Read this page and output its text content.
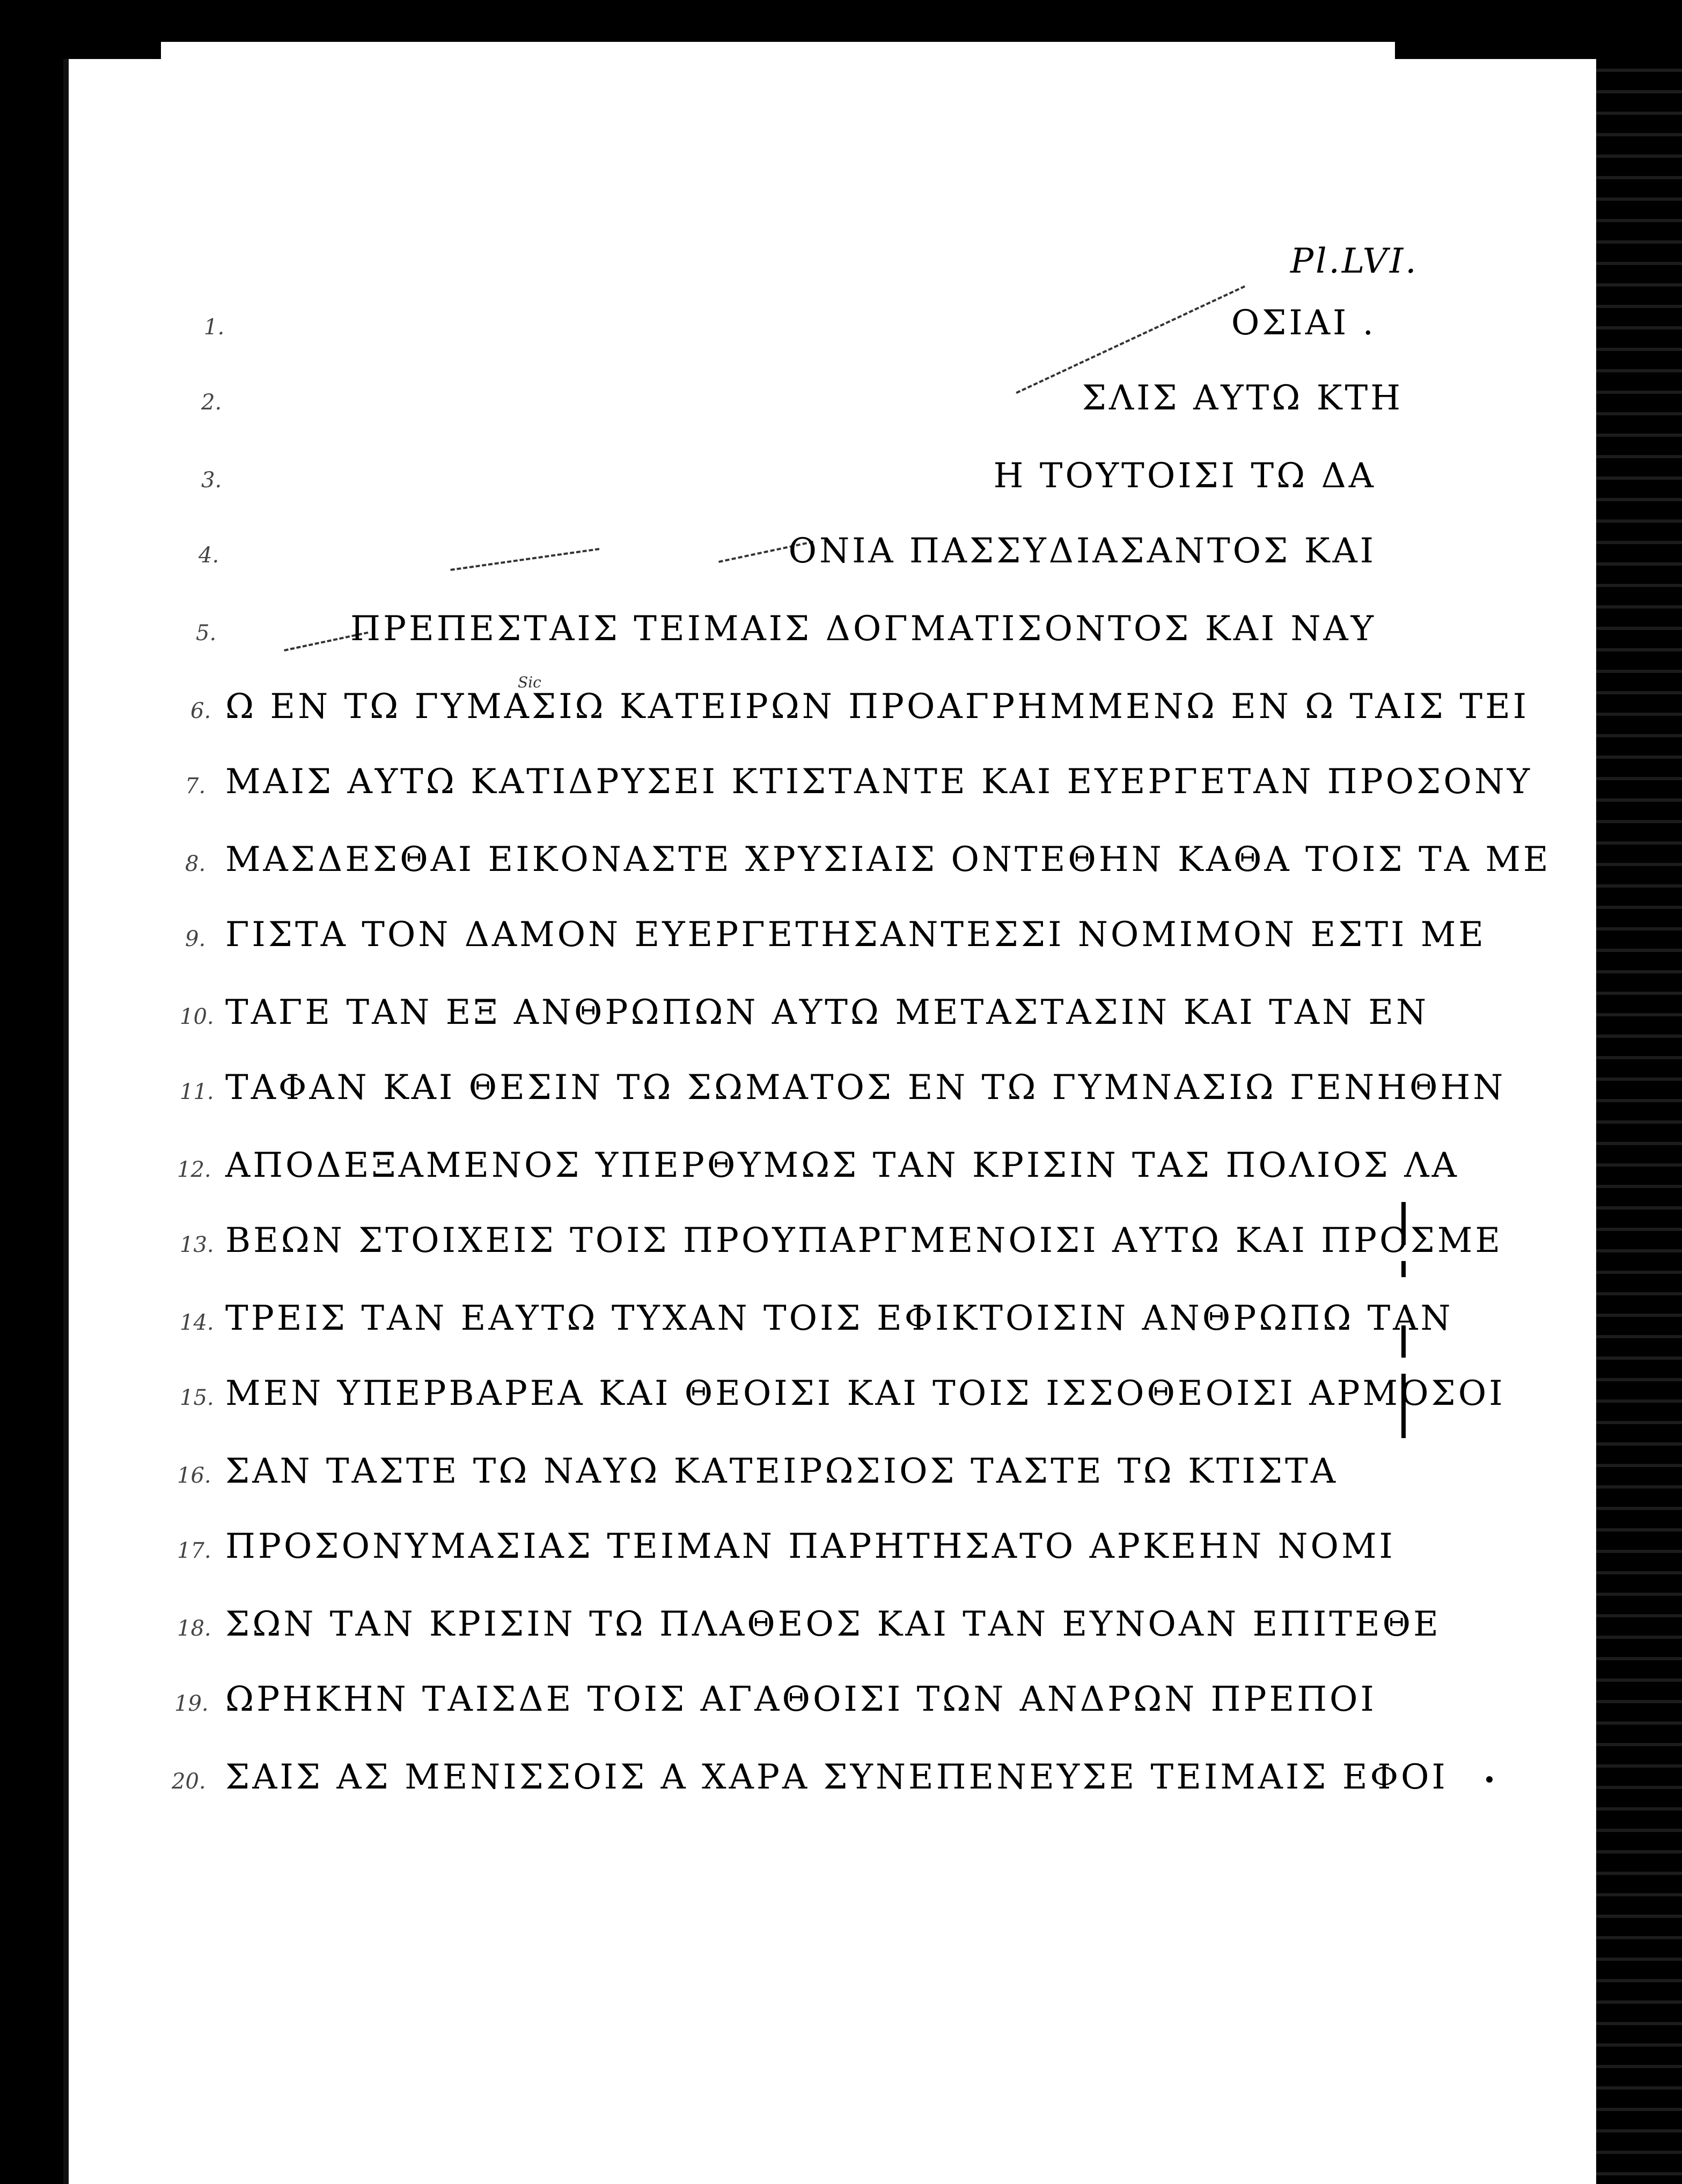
Pl.LVI.
Sic
1.	ΟΣΙΑΙ .
2.	ΣΛΙΣ ΑΥΤΩ ΚΤΗ
3.	Η ΤΟΥΤΟΙΣΙ ΤΩ ΔΑ
4.	ΟΝΙΑ ΠΑΣΣΥΔΙΑΣΑΝΤΟΣ ΚΑΙ
5.	ΠΡΕΠΕΣΤΑΙΣ ΤΕΙΜΑΙΣ ΔΟΓΜΑΤΙΣΟΝΤΟΣ ΚΑΙ ΝΑΥ
6. Ω ΕΝ ΤΩ ΓΥΜΑΣΙΩ ΚΑΤΕΙΡΩΝ ΠΡΟΑΓΡΗΜΜΕΝΩ ΕΝ Ω ΤΑΙΣ ΤΕΙ
7. ΜΑΙΣ ΑΥΤΩ ΚΑΤΙΔΡΥΣΕΙ ΚΤΙΣΤΑΝΤΕ ΚΑΙ ΕΥΕΡΓΕΤΑΝ ΠΡΟΣΟΝΥ
8. ΜΑΣΔΕΣΘΑΙ ΕΙΚΟΝΑΣΤΕ ΧΡΥΣΙΑΙΣ ΟΝΤΕΘΗΝ ΚΑΘΑ ΤΟΙΣ ΤΑ ΜΕ
9. ΓΙΣΤΑ ΤΟΝ ΔΑΜΟΝ ΕΥΕΡΓΕΤΗΣΑΝΤΕΣΣΙ ΝΟΜΙΜΟΝ ΕΣΤΙ ΜΕ
10. ΤΑΓΕ ΤΑΝ ΕΞ ΑΝΘΡΩΠΩΝ ΑΥΤΩ ΜΕΤΑΣΤΑΣΙΝ ΚΑΙ ΤΑΝ ΕΝ
11. ΤΑΦΑΝ ΚΑΙ ΘΕΣΙΝ ΤΩ ΣΩΜΑΤΟΣ ΕΝ ΤΩ ΓΥΜΝΑΣΙΩ ΓΕΝΗΘΗΝ
12. ΑΠΟΔΕΞΑΜΕΝΟΣ ΥΠΕΡΘΥΜΩΣ ΤΑΝ ΚΡΙΣΙΝ ΤΑΣ ΠΟΛΙΟΣ ΛΑ
13. ΒΕΩΝ ΣΤΟΙΧΕΙΣ ΤΟΙΣ ΠΡΟΥΠΑΡΓΜΕΝΟΙΣΙ ΑΥΤΩ ΚΑΙ ΠΡΟΣΜΕ
14. ΤΡΕΙΣ ΤΑΝ ΕΑΥΤΩ ΤΥΧΑΝ ΤΟΙΣ ΕΦΙΚΤΟΙΣΙΝ ΑΝΘΡΩΠΩ ΤΑΝ
15. ΜΕΝ ΥΠΕΡΒΑΡΕΑ ΚΑΙ ΘΕΟΙΣΙ ΚΑΙ ΤΟΙΣ ΙΣΣΟΘΕΟΙΣΙ ΑΡΜΟΣΟΙ
16. ΣΑΝ ΤΑΣΤΕ ΤΩ ΝΑΥΩ ΚΑΤΕΙΡΩΣΙΟΣ ΤΑΣΤΕ ΤΩ ΚΤΙΣΤΑ
17. ΠΡΟΣΟΝΥΜΑΣΙΑΣ ΤΕΙΜΑΝ ΠΑΡΗΤΗΣΑΤΟ ΑΡΚΕΗΝ ΝΟΜΙ
18. ΣΩΝ ΤΑΝ ΚΡΙΣΙΝ ΤΩ ΠΛΑΘΕΟΣ ΚΑΙ ΤΑΝ ΕΥΝΟΑΝ ΕΠΙΤΕΘΕ
19. ΩΡΗΚΗΝ ΤΑΙΣΔΕ ΤΟΙΣ ΑΓΑΘΟΙΣΙ ΤΩΝ ΑΝΔΡΩΝ ΠΡΕΠΟΙ
20. ΣΑΙΣ ΑΣ ΜΕΝΙΣΣΟΙΣ Α ΧΑΡΑ ΣΥΝΕΠΕΝΕΥΣΕ ΤΕΙΜΑΙΣ ΕΦΟΙ
